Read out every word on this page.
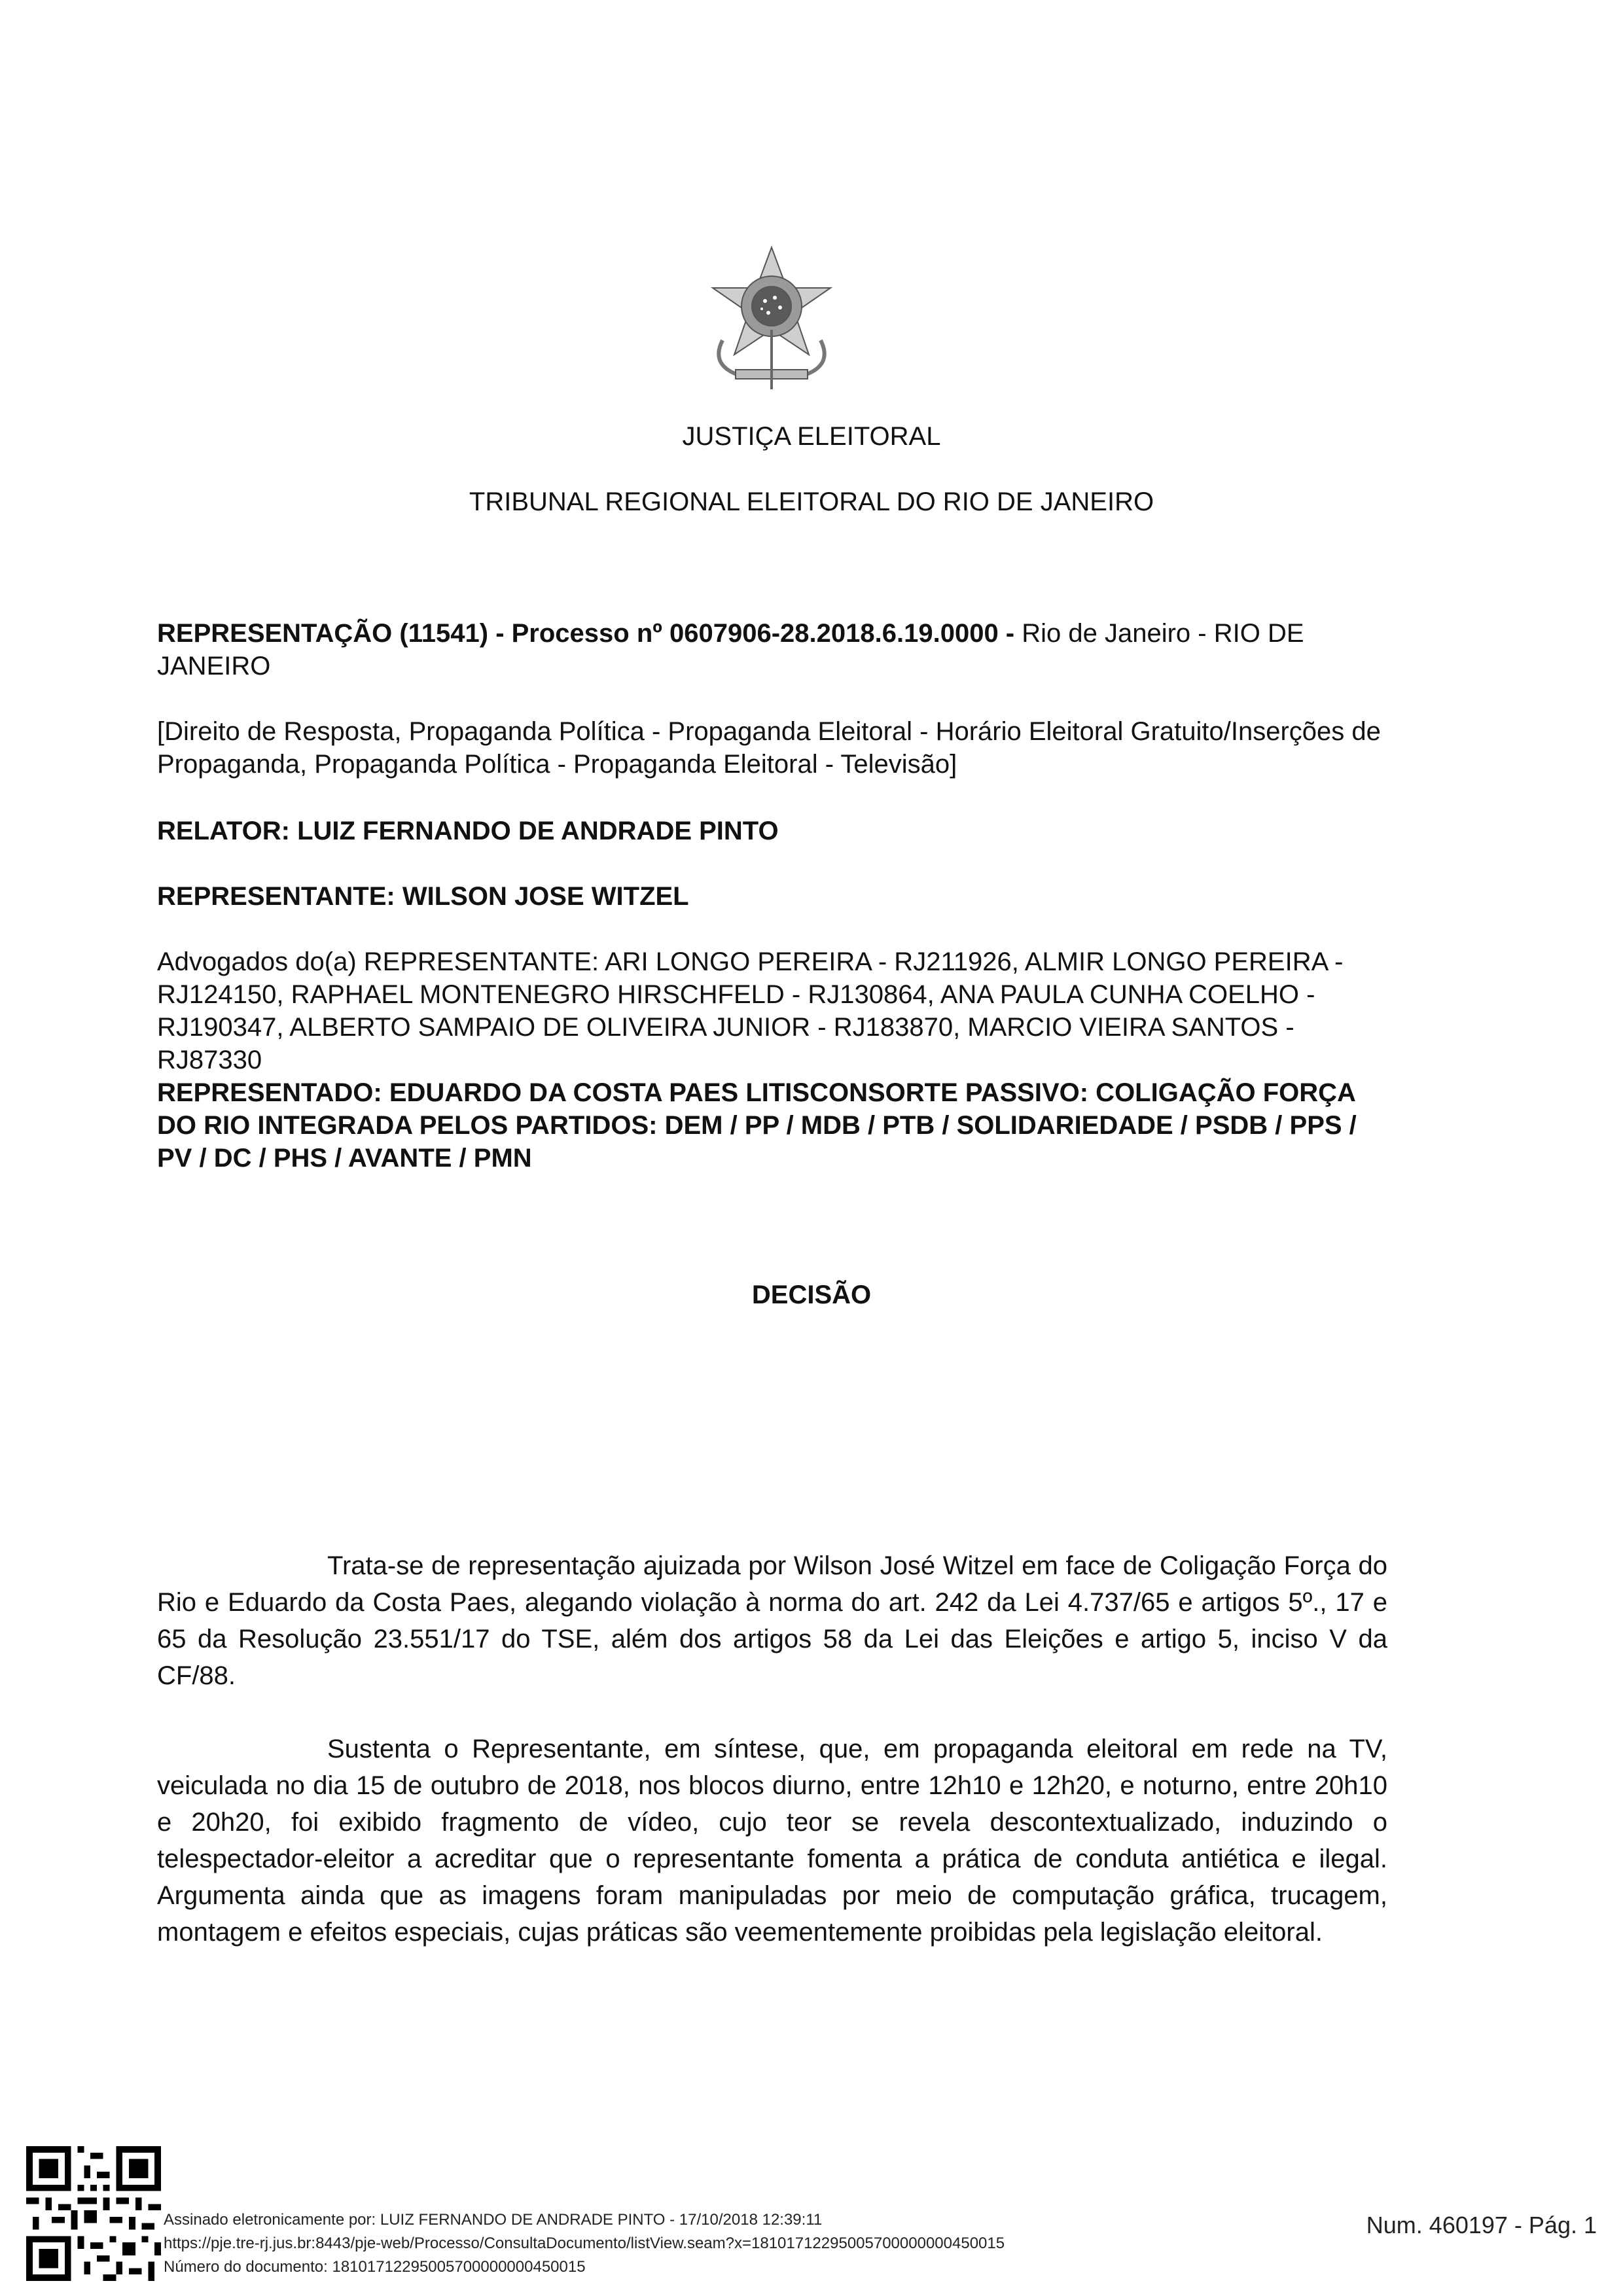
JUSTIÇA ELEITORAL
TRIBUNAL REGIONAL ELEITORAL DO RIO DE JANEIRO
REPRESENTAÇÃO (11541) - Processo nº 0607906-28.2018.6.19.0000 - Rio de Janeiro - RIO DE JANEIRO
[Direito de Resposta, Propaganda Política - Propaganda Eleitoral - Horário Eleitoral Gratuito/Inserções de Propaganda, Propaganda Política - Propaganda Eleitoral - Televisão]
RELATOR: LUIZ FERNANDO DE ANDRADE PINTO
REPRESENTANTE: WILSON JOSE WITZEL
Advogados do(a) REPRESENTANTE: ARI LONGO PEREIRA - RJ211926, ALMIR LONGO PEREIRA - RJ124150, RAPHAEL MONTENEGRO HIRSCHFELD - RJ130864, ANA PAULA CUNHA COELHO - RJ190347, ALBERTO SAMPAIO DE OLIVEIRA JUNIOR - RJ183870, MARCIO VIEIRA SANTOS - RJ87330
REPRESENTADO: EDUARDO DA COSTA PAES LITISCONSORTE PASSIVO: COLIGAÇÃO FORÇA DO RIO INTEGRADA PELOS PARTIDOS: DEM / PP / MDB / PTB / SOLIDARIEDADE / PSDB / PPS / PV / DC / PHS / AVANTE / PMN
DECISÃO
Trata-se de representação ajuizada por Wilson José Witzel em face de Coligação Força do Rio e Eduardo da Costa Paes, alegando violação à norma do art. 242 da Lei 4.737/65 e artigos 5º., 17 e 65 da Resolução 23.551/17 do TSE, além dos artigos 58 da Lei das Eleições e artigo 5, inciso V da CF/88.
Sustenta o Representante, em síntese, que, em propaganda eleitoral em rede na TV, veiculada no dia 15 de outubro de 2018, nos blocos diurno, entre 12h10 e 12h20, e noturno, entre 20h10 e 20h20, foi exibido fragmento de vídeo, cujo teor se revela descontextualizado, induzindo o telespectador-eleitor a acreditar que o representante fomenta a prática de conduta antiética e ilegal. Argumenta ainda que as imagens foram manipuladas por meio de computação gráfica, trucagem, montagem e efeitos especiais, cujas práticas são veementemente proibidas pela legislação eleitoral.
Assinado eletronicamente por: LUIZ FERNANDO DE ANDRADE PINTO - 17/10/2018 12:39:11
https://pje.tre-rj.jus.br:8443/pje-web/Processo/ConsultaDocumento/listView.seam?x=18101712295005700000000450015
Número do documento: 18101712295005700000000450015
Num. 460197 - Pág. 1
